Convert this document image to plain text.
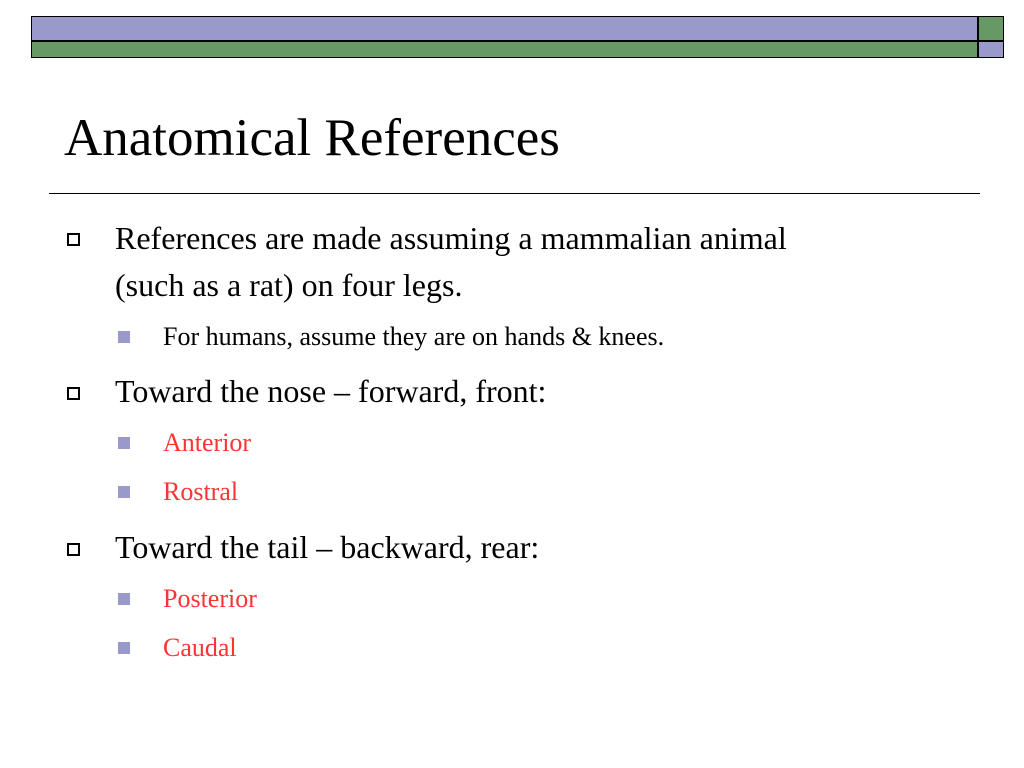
Anatomical References
References are made assuming a mammalian animal
(such as a rat) on four legs.
For humans, assume they are on hands & knees.
Toward the nose – forward, front:
Anterior
Rostral
Toward the tail – backward, rear:
Posterior
Caudal
